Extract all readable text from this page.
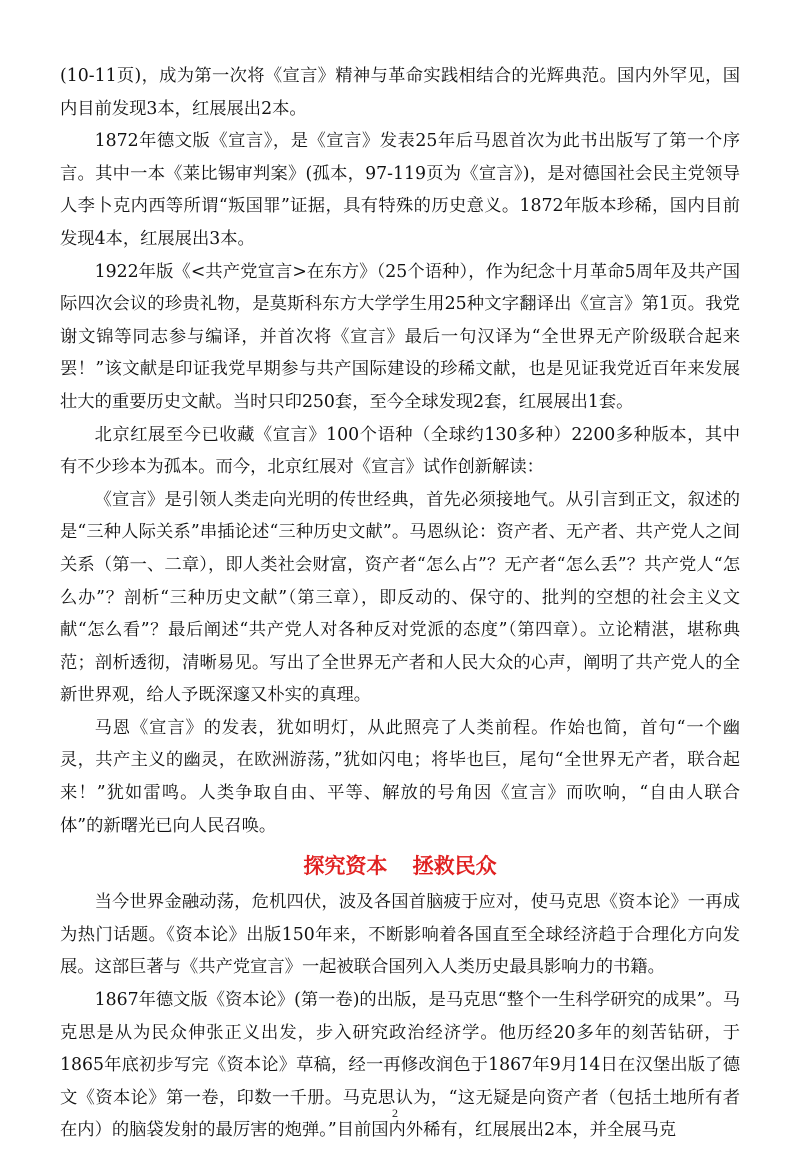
(10-11页)，成为第一次将《宣言》精神与革命实践相结合的光辉典范。国内外罕见，国内目前发现3本，红展展出2本。

1872年德文版《宣言》，是《宣言》发表25年后马恩首次为此书出版写了第一个序言。其中一本《莱比锡审判案》(孤本，97-119页为《宣言》)，是对德国社会民主党领导人李卜克内西等所谓“叛国罪”证据，具有特殊的历史意义。1872年版本珍稀，国内目前发现4本，红展展出3本。

1922年版《<共产党宣言>在东方》（25个语种），作为纪念十月革命5周年及共产国际四次会议的珍贵礼物，是莫斯科东方大学学生用25种文字翻译出《宣言》第1页。我党谢文锦等同志参与编译，并首次将《宣言》最后一句汉译为“全世界无产阶级联合起来罢！”该文献是印证我党早期参与共产国际建设的珍稀文献，也是见证我党近百年来发展壮大的重要历史文献。当时只印250套，至今全球发现2套，红展展出1套。

北京红展至今已收藏《宣言》100个语种（全球约130多种）2200多种版本，其中有不少珍本为孤本。而今，北京红展对《宣言》试作创新解读：

《宣言》是引领人类走向光明的传世经典，首先必须接地气。从引言到正文，叙述的是“三种人际关系”串插论述“三种历史文献”。马恩纵论：资产者、无产者、共产党人之间关系（第一、二章），即人类社会财富，资产者“怎么占”？无产者“怎么丢”？共产党人“怎么办”？剖析“三种历史文献”（第三章），即反动的、保守的、批判的空想的社会主义文献“怎么看”？最后阐述“共产党人对各种反对党派的态度”（第四章）。立论精湛，堪称典范；剖析透彻，清晰易见。写出了全世界无产者和人民大众的心声，阐明了共产党人的全新世界观，给人予既深邃又朴实的真理。

马恩《宣言》的发表，犹如明灯，从此照亮了人类前程。作始也简，首句“一个幽灵，共产主义的幽灵，在欧洲游荡，”犹如闪电；将毕也巨，尾句“全世界无产者，联合起来！”犹如雷鸣。人类争取自由、平等、解放的号角因《宣言》而吹响，“自由人联合体”的新曙光已向人民召唤。

探究资本 拯救民众

当今世界金融动荡，危机四伏，波及各国首脑疲于应对，使马克思《资本论》一再成为热门话题。《资本论》出版150年来，不断影响着各国直至全球经济趋于合理化方向发展。这部巨著与《共产党宣言》一起被联合国列入人类历史最具影响力的书籍。

1867年德文版《资本论》(第一卷)的出版，是马克思“整个一生科学研究的成果”。马克思是从为民众伸张正义出发，步入研究政治经济学。他历经20多年的刻苦钻研，于1865年底初步写完《资本论》草稿，经一再修改润色于1867年9月14日在汉堡出版了德文《资本论》第一卷，印数一千册。马克思认为，“这无疑是向资产者（包括土地所有者在内）的脑袋发射的最厉害的炮弹。”目前国内外稀有，红展展出2本，并全展马克

2
